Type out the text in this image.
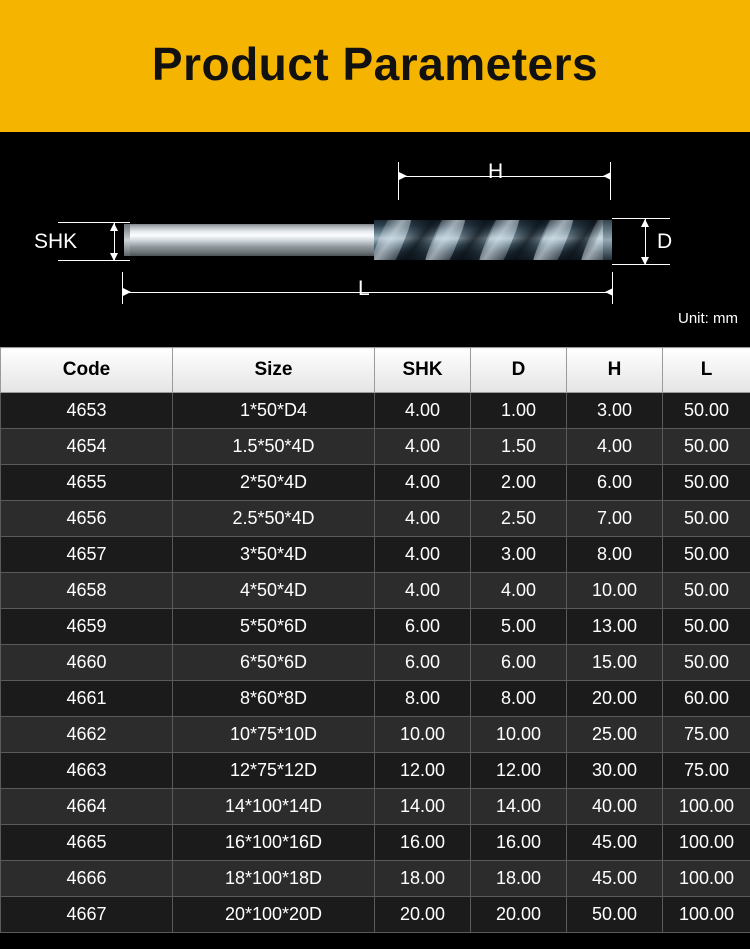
Product Parameters
H
SHK	D
L
Unit: mm
Code	Size	SHK	D	H	L
4653	1*50*D4	4.00	1.00	3.00	50.00
4654	1.5*50*4D	4.00	1.50	4.00	50.00
4655	2*50*4D	4.00	2.00	6.00	50.00
4656	2.5*50*4D	4.00	2.50	7.00	50.00
4657	3*50*4D	4.00	3.00	8.00	50.00
4658	4*50*4D	4.00	4.00	10.00	50.00
4659	5*50*6D	6.00	5.00	13.00	50.00
4660	6*50*6D	6.00	6.00	15.00	50.00
4661	8*60*8D	8.00	8.00	20.00	60.00
4662	10*75*10D	10.00	10.00	25.00	75.00
4663	12*75*12D	12.00	12.00	30.00	75.00
4664	14*100*14D	14.00	14.00	40.00	100.00
4665	16*100*16D	16.00	16.00	45.00	100.00
4666	18*100*18D	18.00	18.00	45.00	100.00
4667	20*100*20D	20.00	20.00	50.00	100.00
